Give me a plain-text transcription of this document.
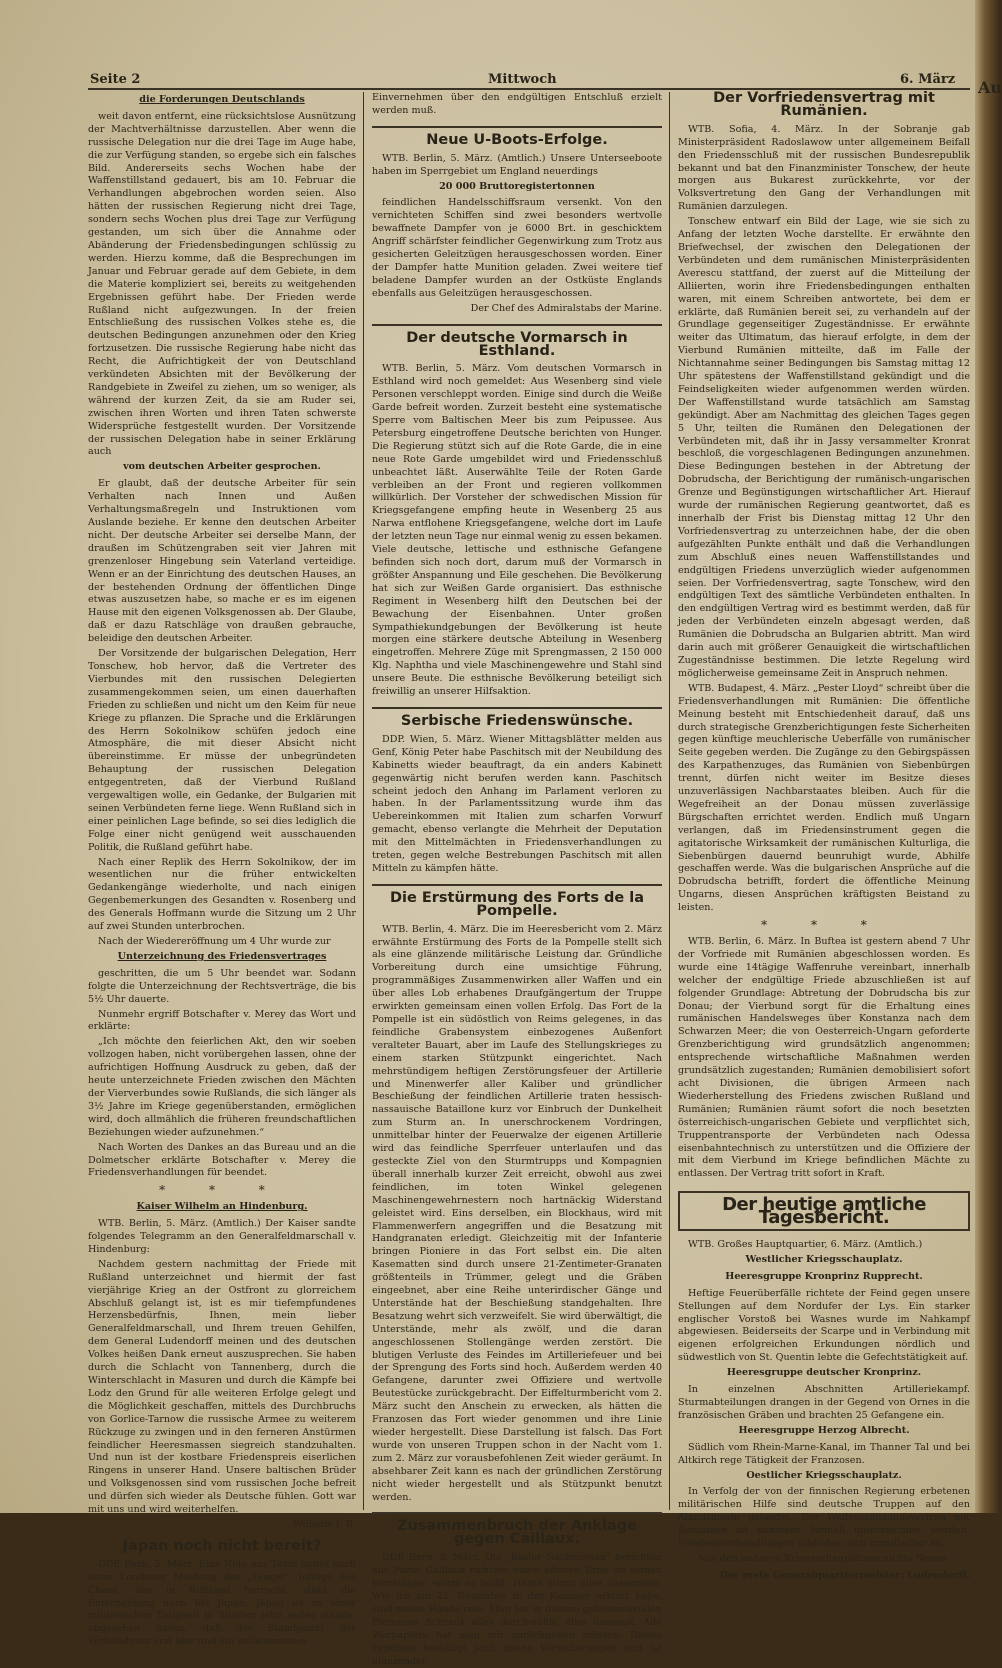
Seite 2	Mittwoch	6. März
die Forderungen Deutschlands

weit davon entfernt, eine rücksichtslose Ausnützung der Machtverhältnisse darzustellen. Aber wenn die russische Delegation nur die drei Tage im Auge habe, die zur Verfügung standen, so ergebe sich ein falsches Bild. Andererseits sechs Wochen habe der Waffenstillstand gedauert, bis am 10. Februar die Verhandlungen abgebrochen worden seien. Also hätten der russischen Regierung nicht drei Tage, sondern sechs Wochen plus drei Tage zur Verfügung gestanden, um sich über die Annahme oder Abänderung der Friedensbedingungen schlüssig zu werden. Hierzu komme, daß die Besprechungen im Januar und Februar gerade auf dem Gebiete, in dem die Materie kompliziert sei, bereits zu weitgehenden Ergebnissen geführt habe. Der Frieden werde Rußland nicht aufgezwungen. In der freien Entschließung des russischen Volkes stehe es, die deutschen Bedingungen anzunehmen oder den Krieg fortzusetzen. Die russische Regierung habe nicht das Recht, die Aufrichtigkeit der von Deutschland verkündeten Absichten mit der Bevölkerung der Randgebiete in Zweifel zu ziehen, um so weniger, als während der kurzen Zeit, da sie am Ruder sei, zwischen ihren Worten und ihren Taten schwerste Widersprüche festgestellt wurden. Der Vorsitzende der russischen Delegation habe in seiner Erklärung auch

vom deutschen Arbeiter gesprochen.

Er glaubt, daß der deutsche Arbeiter für sein Verhalten nach Innen und Außen Verhaltungsmaßregeln und Instruktionen vom Auslande beziehe. Er kenne den deutschen Arbeiter nicht. Der deutsche Arbeiter sei derselbe Mann, der draußen im Schützengraben seit vier Jahren mit grenzenloser Hingebung sein Vaterland verteidige. Wenn er an der Einrichtung des deutschen Hauses, an der bestehenden Ordnung der öffentlichen Dinge etwas auszusetzen habe, so mache er es im eigenen Hause mit den eigenen Volksgenossen ab. Der Glaube, daß er dazu Ratschläge von draußen gebrauche, beleidige den deutschen Arbeiter.

Der Vorsitzende der bulgarischen Delegation, Herr Tonschew, hob hervor, daß die Vertreter des Vierbundes mit den russischen Delegierten zusammengekommen seien, um einen dauerhaften Frieden zu schließen und nicht um den Keim für neue Kriege zu pflanzen. Die Sprache und die Erklärungen des Herrn Sokolnikow schüfen jedoch eine Atmosphäre, die mit dieser Absicht nicht übereinstimme. Er müsse der unbegründeten Behauptung der russischen Delegation entgegentreten, daß der Vierbund Rußland vergewaltigen wolle, ein Gedanke, der Bulgarien mit seinen Verbündeten ferne liege. Wenn Rußland sich in einer peinlichen Lage befinde, so sei dies lediglich die Folge einer nicht genügend weit ausschauenden Politik, die Rußland geführt habe.

Nach einer Replik des Herrn Sokolnikow, der im wesentlichen nur die früher entwickelten Gedankengänge wiederholte, und nach einigen Gegenbemerkungen des Gesandten v. Rosenberg und des Generals Hoffmann wurde die Sitzung um 2 Uhr auf zwei Stunden unterbrochen.

Nach der Wiedereröffnung um 4 Uhr wurde zur

Unterzeichnung des Friedensvertrages

geschritten, die um 5 Uhr beendet war. Sodann folgte die Unterzeichnung der Rechtsverträge, die bis 5½ Uhr dauerte.

Nunmehr ergriff Botschafter v. Merey das Wort und erklärte:

„Ich möchte den feierlichen Akt, den wir soeben vollzogen haben, nicht vorübergehen lassen, ohne der aufrichtigen Hoffnung Ausdruck zu geben, daß der heute unterzeichnete Frieden zwischen den Mächten der Vierverbundes sowie Rußlands, die sich länger als 3½ Jahre im Kriege gegenüberstanden, ermöglichen wird, doch allmählich die früheren freundschaftlichen Beziehungen wieder aufzunehmen.“

Nach Worten des Dankes an das Bureau und an die Dolmetscher erklärte Botschafter v. Merey die Friedensverhandlungen für beendet.

* * *
Kaiser Wilhelm an Hindenburg.

WTB. Berlin, 5. März. (Amtlich.) Der Kaiser sandte folgendes Telegramm an den Generalfeldmarschall v. Hindenburg:

Nachdem gestern nachmittag der Friede mit Rußland unterzeichnet und hiermit der fast vierjährige Krieg an der Ostfront zu glorreichem Abschluß gelangt ist, ist es mir tiefempfundenes Herzensbedürfnis, Ihnen, mein lieber Generalfeldmarschall, und Ihrem treuen Gehilfen, dem General Ludendorff meinen und des deutschen Volkes heißen Dank erneut auszusprechen. Sie haben durch die Schlacht von Tannenberg, durch die Winterschlacht in Masuren und durch die Kämpfe bei Lodz den Grund für alle weiteren Erfolge gelegt und die Möglichkeit geschaffen, mittels des Durchbruchs von Gorlice-Tarnow die russische Armee zu weiterem Rückzuge zu zwingen und in den ferneren Anstürmen feindlicher Heeresmassen siegreich standzuhalten. Und nun ist der kostbare Friedenspreis eiserlichen Ringens in unserer Hand. Unsere baltischen Brüder und Volksgenossen sind vom russischen Joche befreit und dürfen sich wieder als Deutsche fühlen. Gott war mit uns und wird weiterhelfen.

Wilhelm I. R.
Japan noch nicht bereit?

DDP. Bern, 5. März. Eine Note aus Tokio lautet nach einer Londoner Meldung des „Temps“: Infolge des Chaos, das in Rußland herrscht, steht die Entscheidung noch bei Japan. Japan ist zu einer militärischen Tätigkeit in Sibirien jetzt außer stande, abgesehen davon, daß der Standpunkt der Verbündeten erst klar und ein vollkommenes

Einvernehmen über den endgültigen Entschluß erzielt werden muß.

Neue U-Boots-Erfolge.

WTB. Berlin, 5. März. (Amtlich.) Unsere Unterseeboote haben im Sperrgebiet um England neuerdings

20 000 Bruttoregistertonnen

feindlichen Handelsschiffsraum versenkt. Von den vernichteten Schiffen sind zwei besonders wertvolle bewaffnete Dampfer von je 6000 Brt. in geschicktem Angriff schärfster feindlicher Gegenwirkung zum Trotz aus gesicherten Geleitzügen herausgeschossen worden. Einer der Dampfer hatte Munition geladen. Zwei weitere tief beladene Dampfer wurden an der Ostküste Englands ebenfalls aus Geleitzügen herausgeschossen.

Der Chef des Admiralstabs der Marine.
Der deutsche Vormarsch in Esthland.

WTB. Berlin, 5. März. Vom deutschen Vormarsch in Esthland wird noch gemeldet: Aus Wesenberg sind viele Personen verschleppt worden. Einige sind durch die Weiße Garde befreit worden. Zurzeit besteht eine systematische Sperre vom Baltischen Meer bis zum Peipussee. Aus Petersburg eingetroffene Deutsche berichten von Hunger. Die Regierung stützt sich auf die Rote Garde, die in eine neue Rote Garde umgebildet wird und Friedensschluß unbeachtet läßt. Auserwählte Teile der Roten Garde verbleiben an der Front und regieren vollkommen willkürlich. Der Vorsteher der schwedischen Mission für Kriegsgefangene empfing heute in Wesenberg 25 aus Narwa entflohene Kriegsgefangene, welche dort im Laufe der letzten neun Tage nur einmal wenig zu essen bekamen. Viele deutsche, lettische und esthnische Gefangene befinden sich noch dort, darum muß der Vormarsch in größter Anspannung und Eile geschehen. Die Bevölkerung hat sich zur Weißen Garde organisiert. Das esthnische Regiment in Wesenberg hilft den Deutschen bei der Bewachung der Eisenbahnen. Unter großen Sympathiekundgebungen der Bevölkerung ist heute morgen eine stärkere deutsche Abteilung in Wesenberg eingetroffen. Mehrere Züge mit Sprengmassen, 2 150 000 Klg. Naphtha und viele Maschinengewehre und Stahl sind unsere Beute. Die esthnische Bevölkerung beteiligt sich freiwillig an unserer Hilfsaktion.

Serbische Friedenswünsche.

DDP. Wien, 5. März. Wiener Mittagsblätter melden aus Genf, König Peter habe Paschitsch mit der Neubildung des Kabinetts wieder beauftragt, da ein anders Kabinett gegenwärtig nicht berufen werden kann. Paschitsch scheint jedoch den Anhang im Parlament verloren zu haben. In der Parlamentssitzung wurde ihm das Uebereinkommen mit Italien zum scharfen Vorwurf gemacht, ebenso verlangte die Mehrheit der Deputation mit den Mittelmächten in Friedensverhandlungen zu treten, gegen welche Bestrebungen Paschitsch mit allen Mitteln zu kämpfen hätte.

Die Erstürmung des Forts de la Pompelle.

WTB. Berlin, 4. März. Die im Heeresbericht vom 2. März erwähnte Erstürmung des Forts de la Pompelle stellt sich als eine glänzende militärische Leistung dar. Gründliche Vorbereitung durch eine umsichtige Führung, programmäßiges Zusammenwirken aller Waffen und ein über alles Lob erhabenes Draufgängertum der Truppe erwirkten gemeinsam einen vollen Erfolg. Das Fort de la Pompelle ist ein südöstlich von Reims gelegenes, in das feindliche Grabensystem einbezogenes Außenfort veralteter Bauart, aber im Laufe des Stellungskrieges zu einem starken Stützpunkt eingerichtet. Nach mehrstündigem heftigen Zerstörungsfeuer der Artillerie und Minenwerfer aller Kaliber und gründlicher Beschießung der feindlichen Artillerie traten hessisch-nassauische Bataillone kurz vor Einbruch der Dunkelheit zum Sturm an. In unerschrockenem Vordringen, unmittelbar hinter der Feuerwalze der eigenen Artillerie wird das feindliche Sperrfeuer unterlaufen und das gesteckte Ziel von den Sturmtrupps und Kompagnien überall innerhalb kurzer Zeit erreicht, obwohl aus zwei feindlichen, im toten Winkel gelegenen Maschinengewehrnestern noch hartnäckig Widerstand geleistet wird. Eins derselben, ein Blockhaus, wird mit Flammenwerfern angegriffen und die Besatzung mit Handgranaten erledigt. Gleichzeitig mit der Infanterie bringen Pioniere in das Fort selbst ein. Die alten Kasematten sind durch unsere 21-Zentimeter-Granaten größtenteils in Trümmer, gelegt und die Gräben eingeebnet, aber eine Reihe unterirdischer Gänge und Unterstände hat der Beschießung standgehalten. Ihre Besatzung wehrt sich verzweifelt. Sie wird überwältigt, die Unterstände, mehr als zwölf, und die daran angeschlossenen Stollengänge werden zerstört. Die blutigen Verluste des Feindes im Artilleriefeuer und bei der Sprengung des Forts sind hoch. Außerdem werden 40 Gefangene, darunter zwei Offiziere und wertvolle Beutestücke zurückgebracht. Der Eiffelturmbericht vom 2. März sucht den Anschein zu erwecken, als hätten die Franzosen das Fort wieder genommen und ihre Linie wieder hergestellt. Diese Darstellung ist falsch. Das Fort wurde von unseren Truppen schon in der Nacht vom 1. zum 2. März zur vorausbefohlenen Zeit wieder geräumt. In absehbarer Zeit kann es nach der gründlichen Zerstörung nicht wieder hergestellt und als Stützpunkt benutzt werden.

Zusammenbruch der Anklage gegen Caillaux.

DDP. Bern, 5. März. Die „Basler Nachrichten“ berichten aus Paris: Caillaux richtete einen offenen Brief an seinen Verteidiger, worin es heißt: Heute stürzt alles zusammen. Wie ich am 22. Dezember in der Kammer erklärt habe, sind meine Hände rein. Man hat in diesem geheimnisvollen Florenzer Schrank alles durchwühlt, aber umsonst. Alle Werpapiere hat man mir zurückgeben müssen. Dieses Ergebnis bestätigt jetzt meine Versicherungen und ist glänzender.

Der Vorfriedensvertrag mit Rumänien.

WTB. Sofia, 4. März. In der Sobranje gab Ministerpräsident Radoslawow unter allgemeinem Beifall den Friedensschluß mit der russischen Bundesrepublik bekannt und bat den Finanzminister Tonschew, der heute morgen aus Bukarest zurückkehrte, vor der Volksvertretung den Gang der Verhandlungen mit Rumänien darzulegen.

Tonschew entwarf ein Bild der Lage, wie sie sich zu Anfang der letzten Woche darstellte. Er erwähnte den Briefwechsel, der zwischen den Delegationen der Verbündeten und dem rumänischen Ministerpräsidenten Averescu stattfand, der zuerst auf die Mitteilung der Alliierten, worin ihre Friedensbedingungen enthalten waren, mit einem Schreiben antwortete, bei dem er erklärte, daß Rumänien bereit sei, zu verhandeln auf der Grundlage gegenseitiger Zugeständnisse. Er erwähnte weiter das Ultimatum, das hierauf erfolgte, in dem der Vierbund Rumänien mitteilte, daß im Falle der Nichtannahme seiner Bedingungen bis Samstag mittag 12 Uhr spätestens der Waffenstillstand gekündigt und die Feindseligkeiten wieder aufgenommen werden würden. Der Waffenstillstand wurde tatsächlich am Samstag gekündigt. Aber am Nachmittag des gleichen Tages gegen 5 Uhr, teilten die Rumänen den Delegationen der Verbündeten mit, daß ihr in Jassy versammelter Kronrat beschloß, die vorgeschlagenen Bedingungen anzunehmen. Diese Bedingungen bestehen in der Abtretung der Dobrudscha, der Berichtigung der rumänisch-ungarischen Grenze und Begünstigungen wirtschaftlicher Art. Hierauf wurde der rumänischen Regierung geantwortet, daß es innerhalb der Frist bis Dienstag mittag 12 Uhr den Vorfriedensvertrag zu unterzeichnen habe, der die oben aufgezählten Punkte enthält und daß die Verhandlungen zum Abschluß eines neuen Waffenstillstandes und endgültigen Friedens unverzüglich wieder aufgenommen seien. Der Vorfriedensvertrag, sagte Tonschew, wird den endgültigen Text des sämtliche Verbündeten enthalten. In den endgültigen Vertrag wird es bestimmt werden, daß für jeden der Verbündeten einzeln abgesagt werden, daß Rumänien die Dobrudscha an Bulgarien abtritt. Man wird darin auch mit größerer Genauigkeit die wirtschaftlichen Zugeständnisse bestimmen. Die letzte Regelung wird möglicherweise gemeinsame Zeit in Anspruch nehmen.

WTB. Budapest, 4. März. „Pester Lloyd“ schreibt über die Friedensverhandlungen mit Rumänien: Die öffentliche Meinung besteht mit Entschiedenheit darauf, daß uns durch strategische Grenzberichtigungen feste Sicherheiten gegen künftige meuchlerische Ueberfälle von rumänischer Seite gegeben werden. Die Zugänge zu den Gebirgspässen des Karpathenzuges, das Rumänien von Siebenbürgen trennt, dürfen nicht weiter im Besitze dieses unzuverlässigen Nachbarstaates bleiben. Auch für die Wegefreiheit an der Donau müssen zuverlässige Bürgschaften errichtet werden. Endlich muß Ungarn verlangen, daß im Friedensinstrument gegen die agitatorische Wirksamkeit der rumänischen Kulturliga, die Siebenbürgen dauernd beunruhigt wurde, Abhilfe geschaffen werde. Was die bulgarischen Ansprüche auf die Dobrudscha betrifft, fordert die öffentliche Meinung Ungarns, diesen Ansprüchen kräftigsten Beistand zu leisten.

* * *

WTB. Berlin, 6. März. In Buftea ist gestern abend 7 Uhr der Vorfriede mit Rumänien abgeschlossen worden. Es wurde eine 14tägige Waffenruhe vereinbart, innerhalb welcher der endgültige Friede abzuschließen ist auf folgender Grundlage: Abtretung der Dobrudscha bis zur Donau; der Vierbund sorgt für die Erhaltung eines rumänischen Handelsweges über Konstanza nach dem Schwarzen Meer; die von Oesterreich-Ungarn geforderte Grenzberichtigung wird grundsätzlich angenommen; entsprechende wirtschaftliche Maßnahmen werden grundsätzlich zugestanden; Rumänien demobilisiert sofort acht Divisionen, die übrigen Armeen nach Wiederherstellung des Friedens zwischen Rußland und Rumänien; Rumänien räumt sofort die noch besetzten österreichisch-ungarischen Gebiete und verpflichtet sich, Truppentransporte der Verbündeten nach Odessa eisenbahntechnisch zu unterstützen und die Offiziere der mit dem Vierbund im Kriege befindlichen Mächte zu entlassen. Der Vertrag tritt sofort in Kraft.

Der heutige amtliche Tagesbericht.

WTB. Großes Hauptquartier, 6. März. (Amtlich.)

Westlicher Kriegsschauplatz.
Heeresgruppe Kronprinz Rupprecht.

Heftige Feuerüberfälle richtete der Feind gegen unsere Stellungen auf dem Nordufer der Lys. Ein starker englischer Vorstoß bei Wasnes wurde im Nahkampf abgewiesen. Beiderseits der Scarpe und in Verbindung mit eigenen erfolgreichen Erkundungen nördlich und südwestlich von St. Quentin lebte die Gefechtstätigkeit auf.

Heeresgruppe deutscher Kronprinz.

In einzelnen Abschnitten Artilleriekampf. Sturmabteilungen drangen in der Gegend von Ornes in die französischen Gräben und brachten 25 Gefangene ein.

Heeresgruppe Herzog Albrecht.

Südlich vom Rhein-Marne-Kanal, im Thanner Tal und bei Altkirch rege Tätigkeit der Franzosen.

Oestlicher Kriegsschauplatz.

In Verfolg der von der finnischen Regierung erbetenen militärischen Hilfe sind deutsche Truppen auf den Alandsinseln gelandet. Der Waffenstillstandsvertrag mit Rumänien ist nunmehr formell unterzeichnet worden. Friedensverhandlungen schließen sich unmittelbar an.

Von den anderen Kriegsschauplätzen nichts Neues.
Der erste Generalquartiermeister: Ludendorff.
Au
